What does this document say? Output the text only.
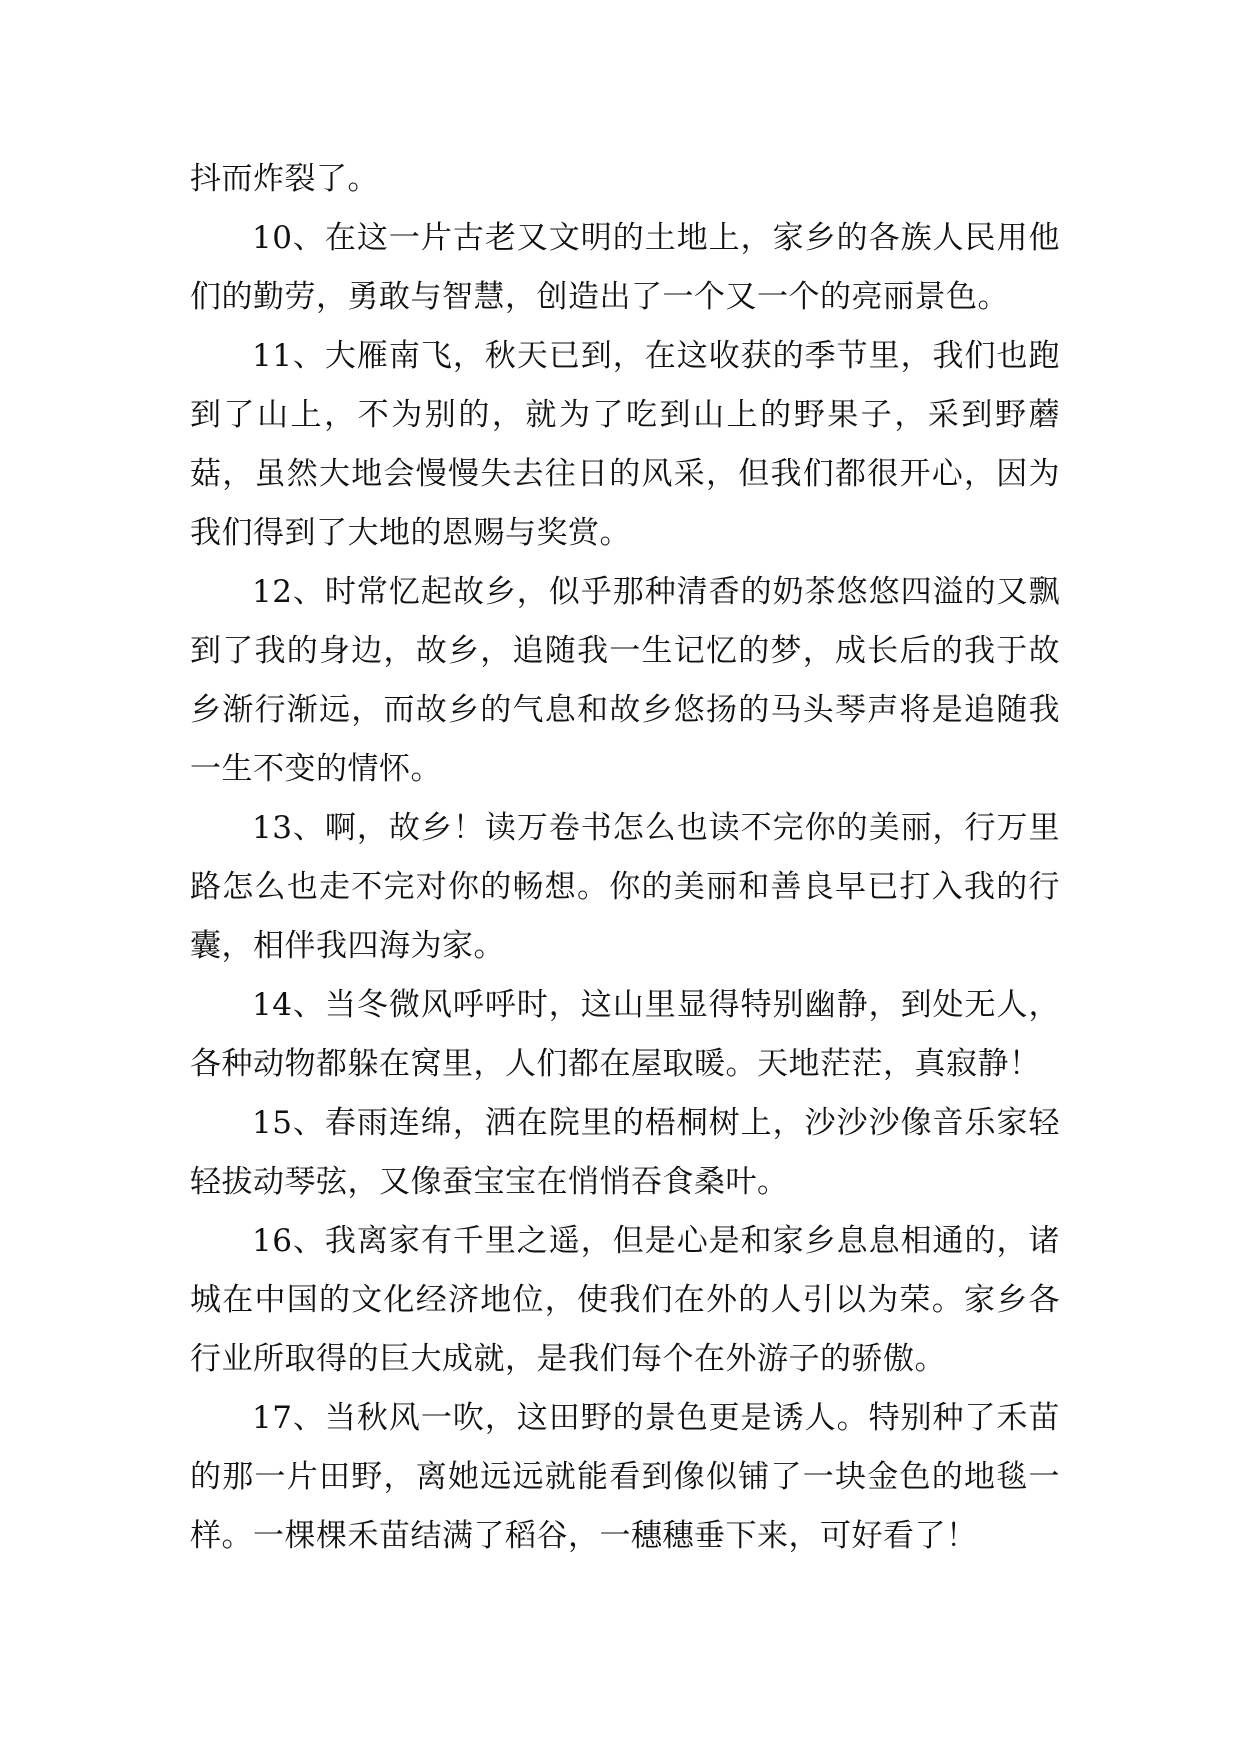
抖而炸裂了。

10、在这一片古老又文明的土地上，家乡的各族人民用他们的勤劳，勇敢与智慧，创造出了一个又一个的亮丽景色。

11、大雁南飞，秋天已到，在这收获的季节里，我们也跑到了山上，不为别的，就为了吃到山上的野果子，采到野蘑菇，虽然大地会慢慢失去往日的风采，但我们都很开心，因为我们得到了大地的恩赐与奖赏。

12、时常忆起故乡，似乎那种清香的奶茶悠悠四溢的又飘到了我的身边，故乡，追随我一生记忆的梦，成长后的我于故乡渐行渐远，而故乡的气息和故乡悠扬的马头琴声将是追随我一生不变的情怀。

13、啊，故乡！读万卷书怎么也读不完你的美丽，行万里路怎么也走不完对你的畅想。你的美丽和善良早已打入我的行囊，相伴我四海为家。

14、当冬微风呼呼时，这山里显得特别幽静，到处无人，各种动物都躲在窝里，人们都在屋取暖。天地茫茫，真寂静！

15、春雨连绵，洒在院里的梧桐树上，沙沙沙像音乐家轻轻拔动琴弦，又像蚕宝宝在悄悄吞食桑叶。

16、我离家有千里之遥，但是心是和家乡息息相通的，诸城在中国的文化经济地位，使我们在外的人引以为荣。家乡各行业所取得的巨大成就，是我们每个在外游子的骄傲。

17、当秋风一吹，这田野的景色更是诱人。特别种了禾苗的那一片田野，离她远远就能看到像似铺了一块金色的地毯一样。一棵棵禾苗结满了稻谷，一穗穗垂下来，可好看了！
